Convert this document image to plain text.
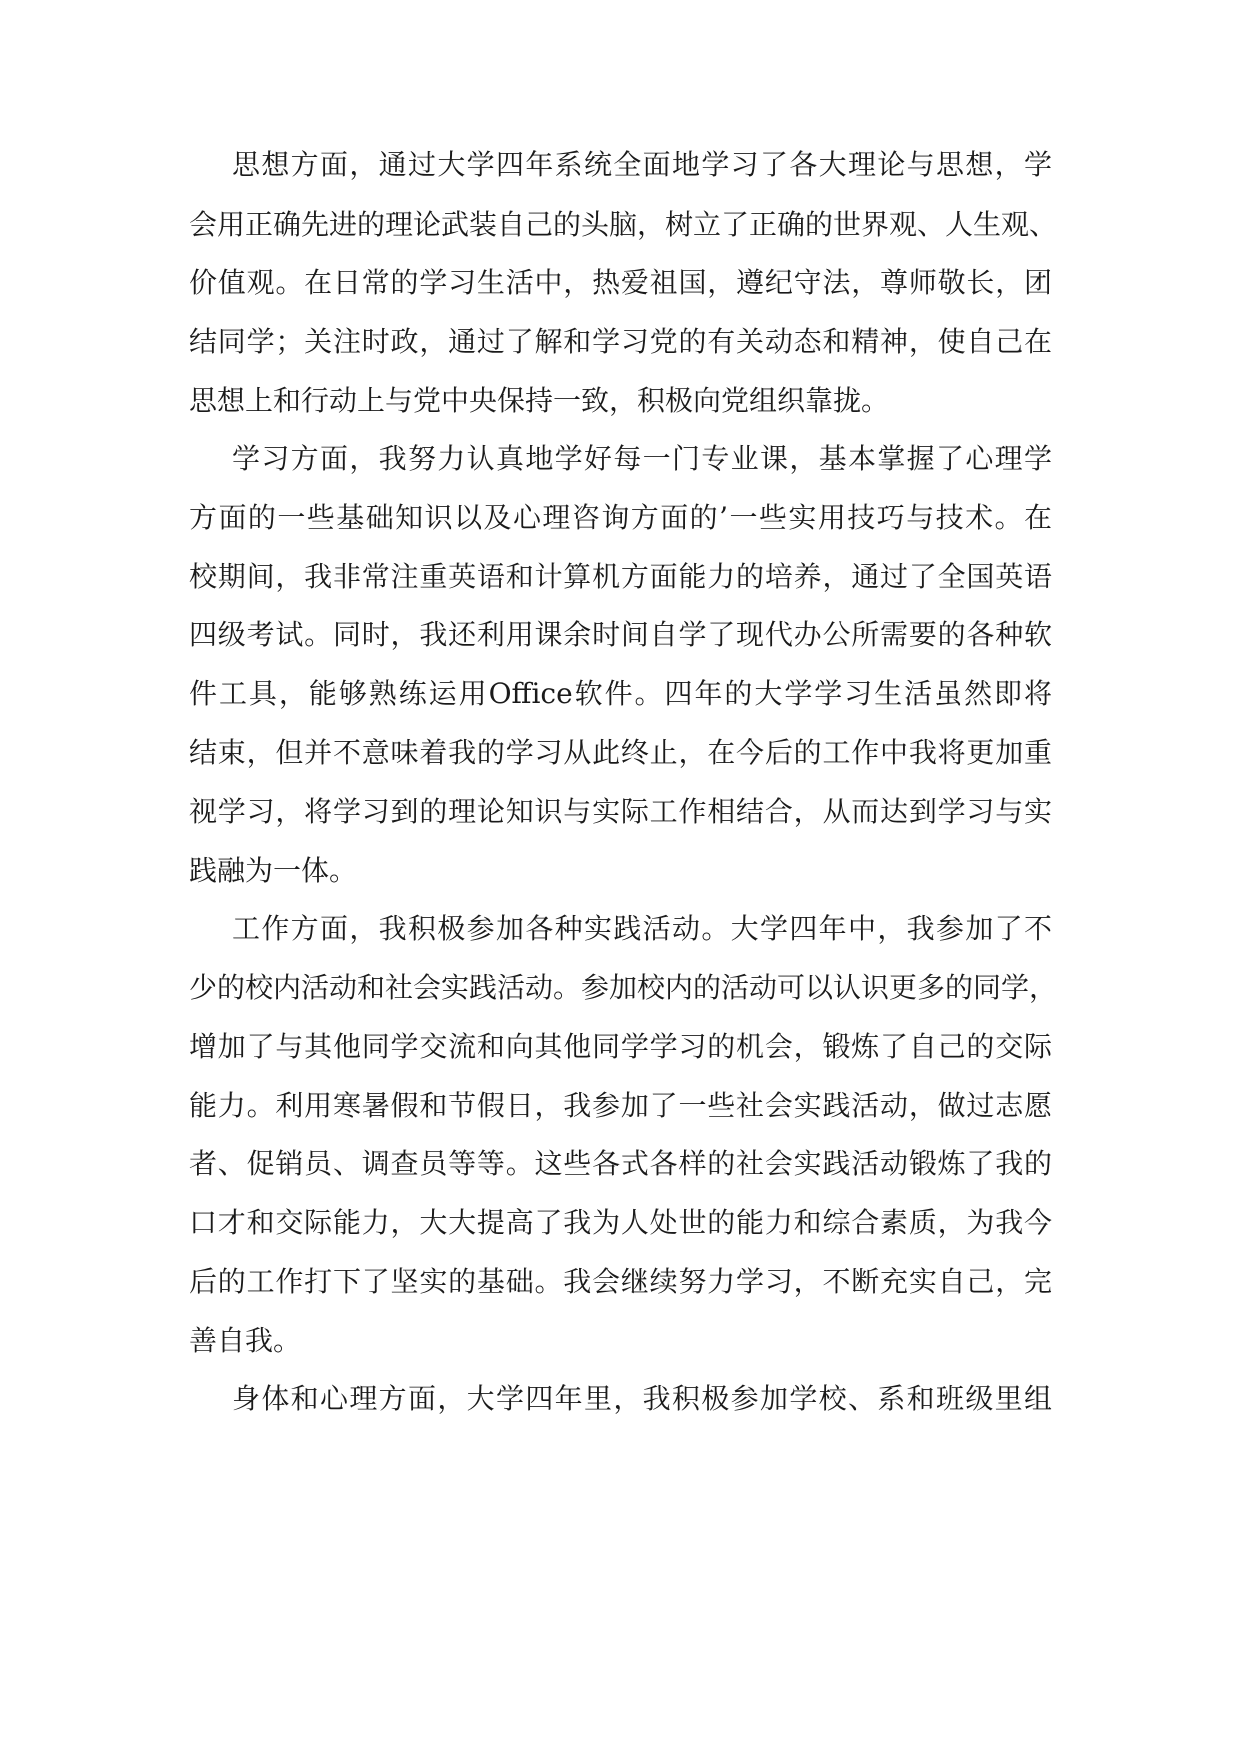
思想方面，通过大学四年系统全面地学习了各大理论与思想，学
会用正确先进的理论武装自己的头脑，树立了正确的世界观、人生观、
价值观。在日常的学习生活中，热爱祖国，遵纪守法，尊师敬长，团
结同学；关注时政，通过了解和学习党的有关动态和精神，使自己在
思想上和行动上与党中央保持一致，积极向党组织靠拢。
学习方面，我努力认真地学好每一门专业课，基本掌握了心理学
方面的一些基础知识以及心理咨询方面的’一些实用技巧与技术。在
校期间，我非常注重英语和计算机方面能力的培养，通过了全国英语
四级考试。同时，我还利用课余时间自学了现代办公所需要的各种软
件工具，能够熟练运用Office软件。四年的大学学习生活虽然即将
结束，但并不意味着我的学习从此终止，在今后的工作中我将更加重
视学习，将学习到的理论知识与实际工作相结合，从而达到学习与实
践融为一体。
工作方面，我积极参加各种实践活动。大学四年中，我参加了不
少的校内活动和社会实践活动。参加校内的活动可以认识更多的同学，
增加了与其他同学交流和向其他同学学习的机会，锻炼了自己的交际
能力。利用寒暑假和节假日，我参加了一些社会实践活动，做过志愿
者、促销员、调查员等等。这些各式各样的社会实践活动锻炼了我的
口才和交际能力，大大提高了我为人处世的能力和综合素质，为我今
后的工作打下了坚实的基础。我会继续努力学习，不断充实自己，完
善自我。
身体和心理方面，大学四年里，我积极参加学校、系和班级里组
